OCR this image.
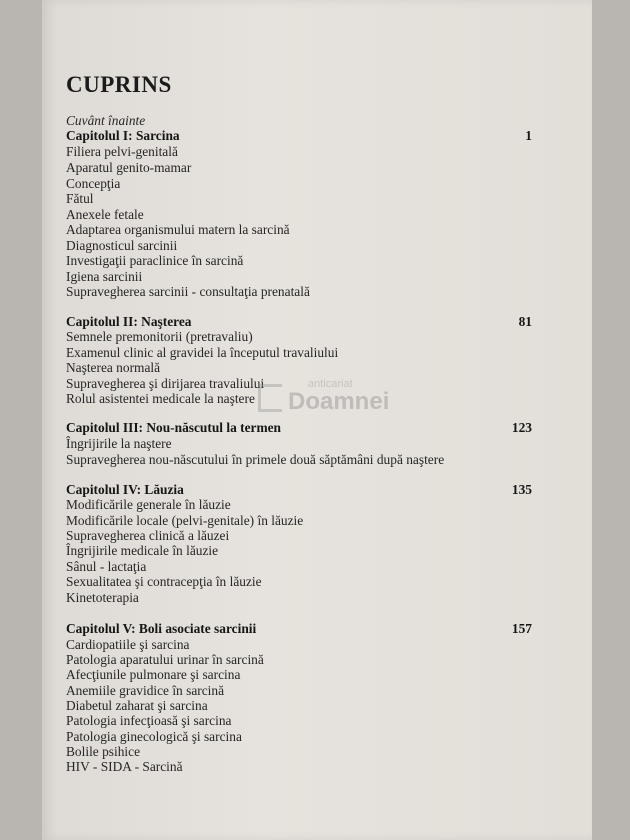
CUPRINS
Cuvânt înainte
Capitolul I: Sarcina	1
Filiera pelvi-genitală
Aparatul genito-mamar
Concepţia
Fătul
Anexele fetale
Adaptarea organismului matern la sarcină
Diagnosticul sarcinii
Investigaţii paraclinice în sarcină
Igiena sarcinii
Supravegherea sarcinii - consultaţia prenatală
Capitolul II: Naşterea	81
Semnele premonitorii (pretravaliu)
Examenul clinic al gravidei la începutul travaliului
Naşterea normală
Supravegherea şi dirijarea travaliului
Rolul asistentei medicale la naştere
Capitolul III: Nou-născutul la termen	123
Îngrijirile la naştere
Supravegherea nou-născutului în primele două săptămâni după naştere
Capitolul IV: Lăuzia	135
Modificările generale în lăuzie
Modificările locale (pelvi-genitale) în lăuzie
Supravegherea clinică a lăuzei
Îngrijirile medicale în lăuzie
Sânul - lactaţia
Sexualitatea şi contracepţia în lăuzie
Kinetoterapia
Capitolul V: Boli asociate sarcinii	157
Cardiopatiile şi sarcina
Patologia aparatului urinar în sarcină
Afecţiunile pulmonare şi sarcina
Anemiile gravidice în sarcină
Diabetul zaharat şi sarcina
Patologia infecţioasă şi sarcina
Patologia ginecologică şi sarcina
Bolile psihice
HIV - SIDA - Sarcină
anticariat
Doamnei
